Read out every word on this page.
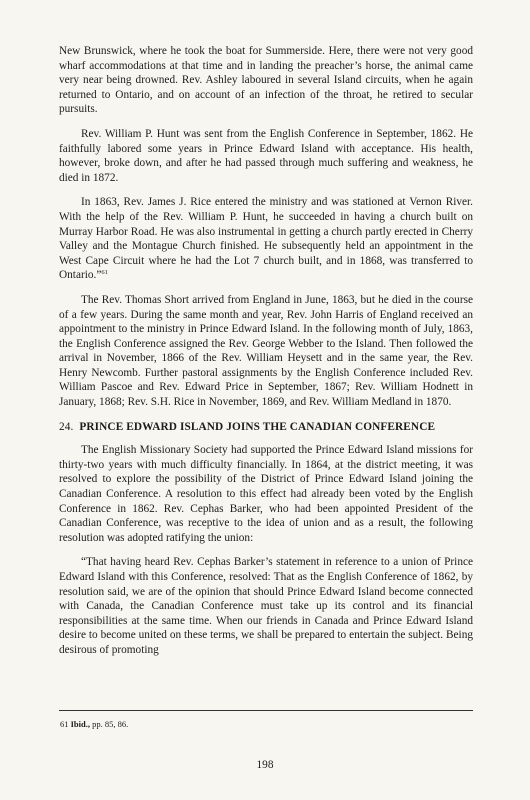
New Brunswick, where he took the boat for Summerside. Here, there were not very good wharf accommodations at that time and in landing the preacher’s horse, the animal came very near being drowned. Rev. Ashley laboured in several Island circuits, when he again returned to Ontario, and on account of an infection of the throat, he retired to secular pursuits.

Rev. William P. Hunt was sent from the English Conference in September, 1862. He faithfully labored some years in Prince Edward Island with acceptance. His health, however, broke down, and after he had passed through much suffering and weakness, he died in 1872.

In 1863, Rev. James J. Rice entered the ministry and was stationed at Vernon River. With the help of the Rev. William P. Hunt, he succeeded in having a church built on Murray Harbor Road. He was also instrumental in getting a church partly erected in Cherry Valley and the Montague Church finished. He subsequently held an appointment in the West Cape Circuit where he had the Lot 7 church built, and in 1868, was transferred to Ontario.”$^{61}$

The Rev. Thomas Short arrived from England in June, 1863, but he died in the course of a few years. During the same month and year, Rev. John Harris of England received an appointment to the ministry in Prince Edward Island. In the following month of July, 1863, the English Conference assigned the Rev. George Webber to the Island. Then followed the arrival in November, 1866 of the Rev. William Heysett and in the same year, the Rev. Henry Newcomb. Further pastoral assignments by the English Conference included Rev. William Pascoe and Rev. Edward Price in September, 1867; Rev. William Hodnett in January, 1868; Rev. S.H. Rice in November, 1869, and Rev. William Medland in 1870.

24. PRINCE EDWARD ISLAND JOINS THE CANADIAN CONFERENCE

The English Missionary Society had supported the Prince Edward Island missions for thirty-two years with much difficulty financially. In 1864, at the district meeting, it was resolved to explore the possibility of the District of Prince Edward Island joining the Canadian Conference. A resolution to this effect had already been voted by the English Conference in 1862. Rev. Cephas Barker, who had been appointed President of the Canadian Conference, was receptive to the idea of union and as a result, the following resolution was adopted ratifying the union:

“That having heard Rev. Cephas Barker’s statement in reference to a union of Prince Edward Island with this Conference, resolved: That as the English Conference of 1862, by resolution said, we are of the opinion that should Prince Edward Island become connected with Canada, the Canadian Conference must take up its control and its financial responsibilities at the same time. When our friends in Canada and Prince Edward Island desire to become united on these terms, we shall be prepared to entertain the subject. Being desirous of promoting

61 Ibid., pp. 85, 86.
198
